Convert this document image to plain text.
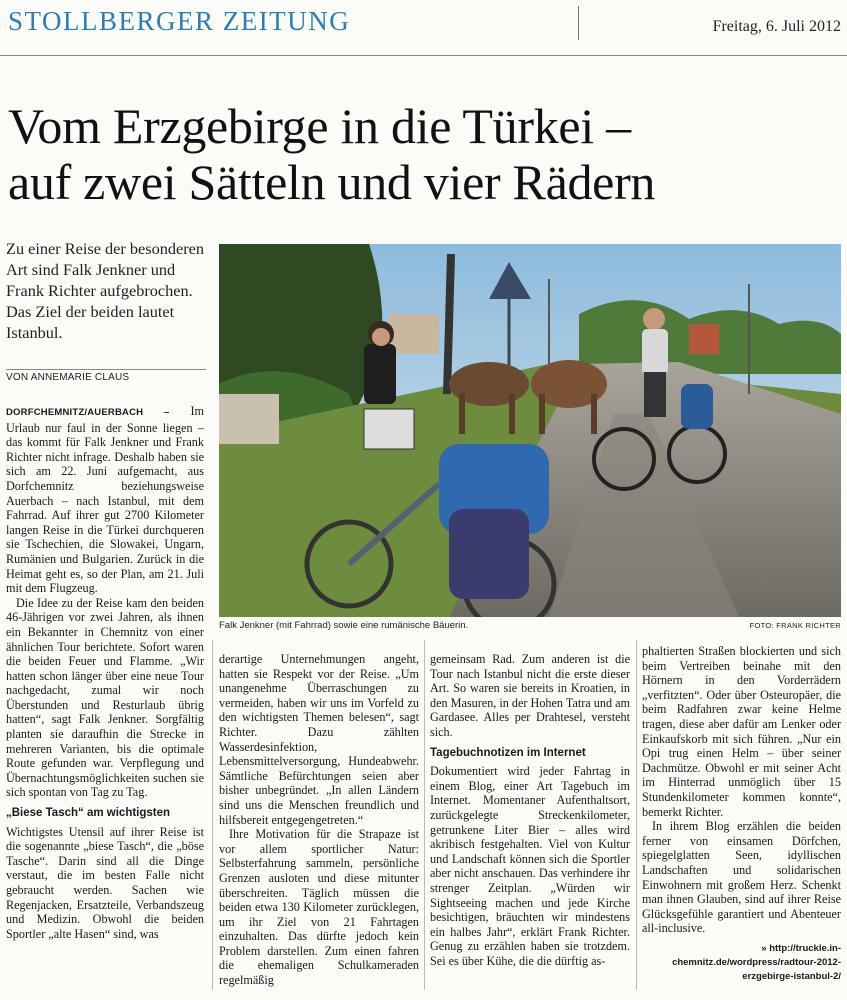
STOLLBERGER ZEITUNG	Freitag, 6. Juli 2012
Vom Erzgebirge in die Türkei –
auf zwei Sätteln und vier Rädern
Zu einer Reise der besonderen Art sind Falk Jenkner und Frank Richter aufgebrochen. Das Ziel der beiden lautet Istanbul.
VON ANNEMARIE CLAUS
Falk Jenkner (mit Fahrrad) sowie eine rumänische Bäuerin.	FOTO: FRANK RICHTER

DORFCHEMNITZ/AUERBACH – Im Urlaub nur faul in der Sonne liegen – das kommt für Falk Jenkner und Frank Richter nicht infrage. Deshalb haben sie sich am 22. Juni aufgemacht, aus Dorfchemnitz beziehungsweise Auerbach – nach Istanbul, mit dem Fahrrad. Auf ihrer gut 2700 Kilometer langen Reise in die Türkei durchqueren sie Tschechien, die Slowakei, Ungarn, Rumänien und Bulgarien. Zurück in die Heimat geht es, so der Plan, am 21. Juli mit dem Flugzeug.

Die Idee zu der Reise kam den beiden 46-Jährigen vor zwei Jahren, als ihnen ein Bekannter in Chemnitz von einer ähnlichen Tour berichtete. Sofort waren die beiden Feuer und Flamme. „Wir hatten schon länger über eine neue Tour nachgedacht, zumal wir noch Überstunden und Resturlaub übrig hatten“, sagt Falk Jenkner. Sorgfältig planten sie daraufhin die Strecke in mehreren Varianten, bis die optimale Route gefunden war. Verpflegung und Übernachtungsmöglichkeiten suchen sie sich spontan von Tag zu Tag.

„Biese Tasch“ am wichtigsten

Wichtigstes Utensil auf ihrer Reise ist die sogenannte „biese Tasch“, die „böse Tasche“. Darin sind all die Dinge verstaut, die im besten Falle nicht gebraucht werden. Sachen wie Regenjacken, Ersatzteile, Verbandszeug und Medizin. Obwohl die beiden Sportler „alte Hasen“ sind, was

derartige Unternehmungen angeht, hatten sie Respekt vor der Reise. „Um unangenehme Überraschungen zu vermeiden, haben wir uns im Vorfeld zu den wichtigsten Themen belesen“, sagt Richter. Dazu zählten Wasserdesinfektion, Lebensmittelversorgung, Hundeabwehr. Sämtliche Befürchtungen seien aber bisher unbegründet. „In allen Ländern sind uns die Menschen freundlich und hilfsbereit entgegengetreten.“

Ihre Motivation für die Strapaze ist vor allem sportlicher Natur: Selbsterfahrung sammeln, persönliche Grenzen ausloten und diese mitunter überschreiten. Täglich müssen die beiden etwa 130 Kilometer zurücklegen, um ihr Ziel von 21 Fahrtagen einzuhalten. Das dürfte jedoch kein Problem darstellen. Zum einen fahren die ehemaligen Schulkameraden regelmäßig

gemeinsam Rad. Zum anderen ist die Tour nach Istanbul nicht die erste dieser Art. So waren sie bereits in Kroatien, in den Masuren, in der Hohen Tatra und am Gardasee. Alles per Drahtesel, versteht sich.

Tagebuchnotizen im Internet

Dokumentiert wird jeder Fahrtag in einem Blog, einer Art Tagebuch im Internet. Momentaner Aufenthaltsort, zurückgelegte Streckenkilometer, getrunkene Liter Bier – alles wird akribisch festgehalten. Viel von Kultur und Landschaft können sich die Sportler aber nicht anschauen. Das verhindere ihr strenger Zeitplan. „Würden wir Sightseeing machen und jede Kirche besichtigen, bräuchten wir mindestens ein halbes Jahr“, erklärt Frank Richter. Genug zu erzählen haben sie trotzdem. Sei es über Kühe, die die dürftig as-

phaltierten Straßen blockierten und sich beim Vertreiben beinahe mit den Hörnern in den Vorderrädern „verfitzten“. Oder über Osteuropäer, die beim Radfahren zwar keine Helme tragen, diese aber dafür am Lenker oder Einkaufskorb mit sich führen. „Nur ein Opi trug einen Helm – über seiner Dachmütze. Obwohl er mit seiner Acht im Hinterrad unmöglich über 15 Stundenkilometer kommen konnte“, bemerkt Richter.

In ihrem Blog erzählen die beiden ferner von einsamen Dörfchen, spiegelglatten Seen, idyllischen Landschaften und solidarischen Einwohnern mit großem Herz. Schenkt man ihnen Glauben, sind auf ihrer Reise Glücksgefühle garantiert und Abenteuer all-inclusive.

» http://truckle.in-chemnitz.de/wordpress/radtour-2012-erzgebirge-istanbul-2/
